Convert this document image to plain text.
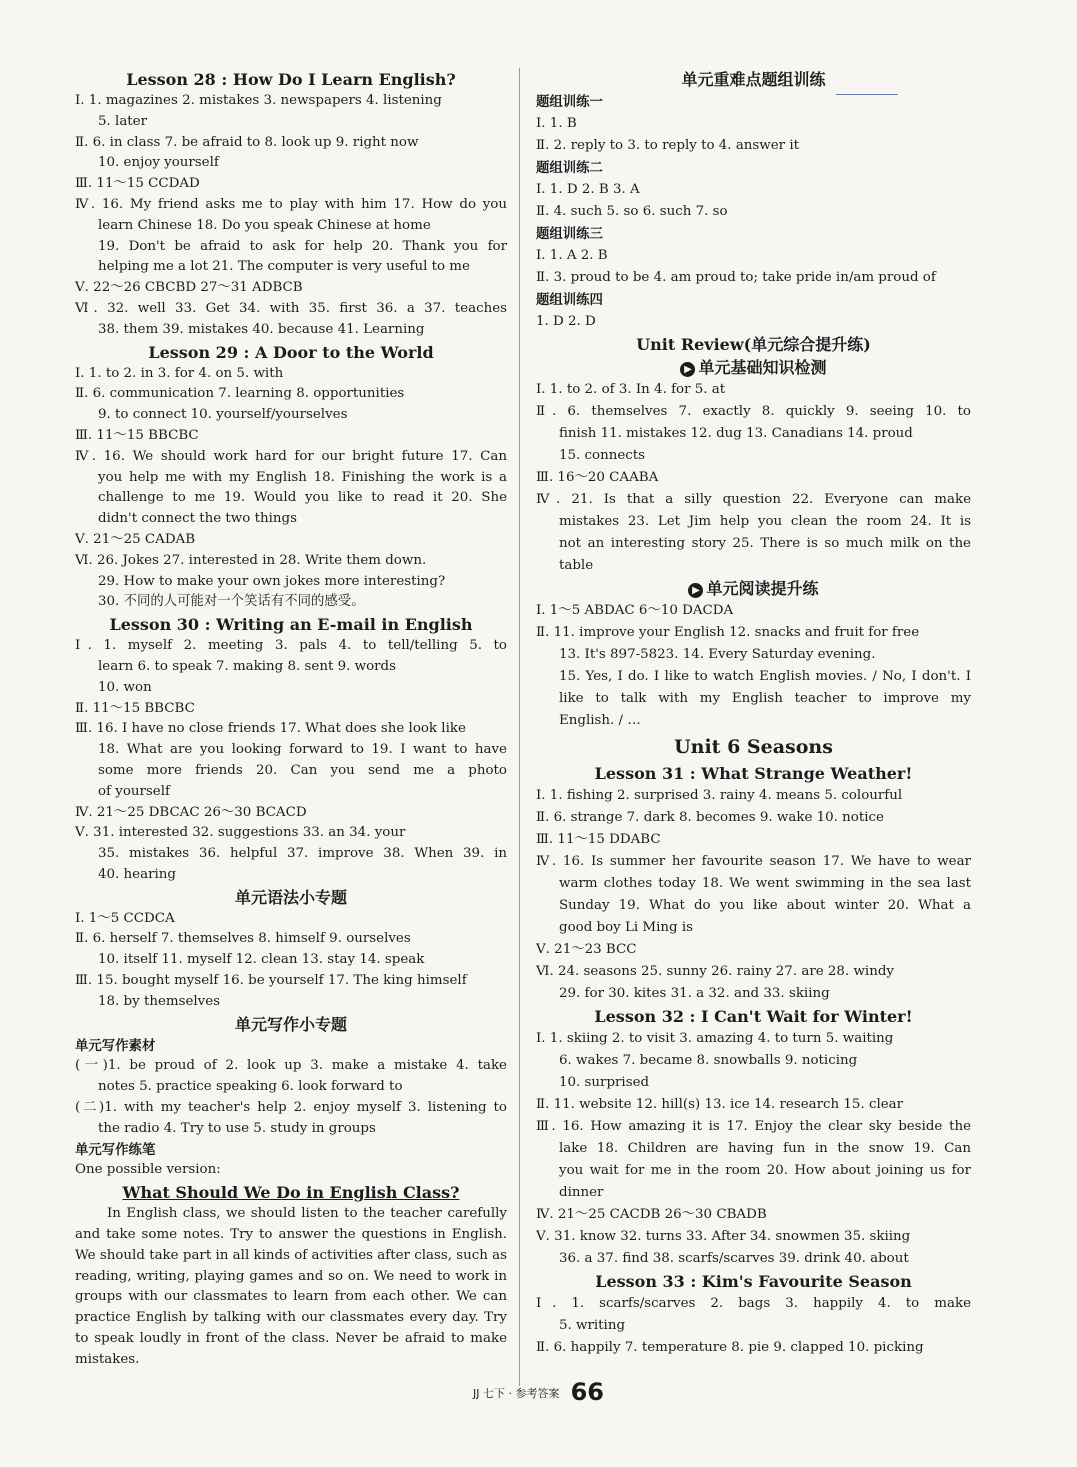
Lesson 28 : How Do I Learn English?
Ⅰ. 1. magazines 2. mistakes 3. newspapers 4. listening
5. later
Ⅱ. 6. in class 7. be afraid to 8. look up 9. right now
10. enjoy yourself
Ⅲ. 11～15 CCDAD
Ⅳ. 16. My friend asks me to play with him 17. How do you
learn Chinese 18. Do you speak Chinese at home
19. Don't be afraid to ask for help 20. Thank you for
helping me a lot 21. The computer is very useful to me
Ⅴ. 22～26 CBCBD 27～31 ADBCB
Ⅵ. 32. well 33. Get 34. with 35. first 36. a 37. teaches
38. them 39. mistakes 40. because 41. Learning
Lesson 29 : A Door to the World
Ⅰ. 1. to 2. in 3. for 4. on 5. with
Ⅱ. 6. communication 7. learning 8. opportunities
9. to connect 10. yourself/yourselves
Ⅲ. 11～15 BBCBC
Ⅳ. 16. We should work hard for our bright future 17. Can
you help me with my English 18. Finishing the work is a
challenge to me 19. Would you like to read it 20. She
didn't connect the two things
Ⅴ. 21～25 CADAB
Ⅵ. 26. Jokes 27. interested in 28. Write them down.
29. How to make your own jokes more interesting?
30. 不同的人可能对一个笑话有不同的感受。
Lesson 30 : Writing an E-mail in English
Ⅰ. 1. myself 2. meeting 3. pals 4. to tell/telling 5. to
learn 6. to speak 7. making 8. sent 9. words
10. won
Ⅱ. 11～15 BBCBC
Ⅲ. 16. I have no close friends 17. What does she look like
18. What are you looking forward to 19. I want to have
some more friends 20. Can you send me a photo
of yourself
Ⅳ. 21～25 DBCAC 26～30 BCACD
Ⅴ. 31. interested 32. suggestions 33. an 34. your
35. mistakes 36. helpful 37. improve 38. When 39. in
40. hearing
单元语法小专题
Ⅰ. 1～5 CCDCA
Ⅱ. 6. herself 7. themselves 8. himself 9. ourselves
10. itself 11. myself 12. clean 13. stay 14. speak
Ⅲ. 15. bought myself 16. be yourself 17. The king himself
18. by themselves
单元写作小专题
单元写作素材
(一)1. be proud of 2. look up 3. make a mistake 4. take
notes 5. practice speaking 6. look forward to
(二)1. with my teacher's help 2. enjoy myself 3. listening to
the radio 4. Try to use 5. study in groups
单元写作练笔
One possible version:
What Should We Do in English Class?
In English class, we should listen to the teacher carefully
and take some notes. Try to answer the questions in English.
We should take part in all kinds of activities after class, such as
reading, writing, playing games and so on. We need to work in
groups with our classmates to learn from each other. We can
practice English by talking with our classmates every day. Try
to speak loudly in front of the class. Never be afraid to make
mistakes.
单元重难点题组训练
题组训练一
Ⅰ. 1. B
Ⅱ. 2. reply to 3. to reply to 4. answer it
题组训练二
Ⅰ. 1. D 2. B 3. A
Ⅱ. 4. such 5. so 6. such 7. so
题组训练三
Ⅰ. 1. A 2. B
Ⅱ. 3. proud to be 4. am proud to; take pride in/am proud of
题组训练四
1. D 2. D
Unit Review(单元综合提升练)
▶ 单元基础知识检测
Ⅰ. 1. to 2. of 3. In 4. for 5. at
Ⅱ. 6. themselves 7. exactly 8. quickly 9. seeing 10. to
finish 11. mistakes 12. dug 13. Canadians 14. proud
15. connects
Ⅲ. 16～20 CAABA
Ⅳ. 21. Is that a silly question 22. Everyone can make
mistakes 23. Let Jim help you clean the room 24. It is
not an interesting story 25. There is so much milk on the
table
▶ 单元阅读提升练
Ⅰ. 1～5 ABDAC 6～10 DACDA
Ⅱ. 11. improve your English 12. snacks and fruit for free
13. It's 897-5823. 14. Every Saturday evening.
15. Yes, I do. I like to watch English movies. / No, I don't. I
like to talk with my English teacher to improve my
English. / …
Unit 6 Seasons
Lesson 31 : What Strange Weather!
Ⅰ. 1. fishing 2. surprised 3. rainy 4. means 5. colourful
Ⅱ. 6. strange 7. dark 8. becomes 9. wake 10. notice
Ⅲ. 11～15 DDABC
Ⅳ. 16. Is summer her favourite season 17. We have to wear
warm clothes today 18. We went swimming in the sea last
Sunday 19. What do you like about winter 20. What a
good boy Li Ming is
Ⅴ. 21～23 BCC
Ⅵ. 24. seasons 25. sunny 26. rainy 27. are 28. windy
29. for 30. kites 31. a 32. and 33. skiing
Lesson 32 : I Can't Wait for Winter!
Ⅰ. 1. skiing 2. to visit 3. amazing 4. to turn 5. waiting
6. wakes 7. became 8. snowballs 9. noticing
10. surprised
Ⅱ. 11. website 12. hill(s) 13. ice 14. research 15. clear
Ⅲ. 16. How amazing it is 17. Enjoy the clear sky beside the
lake 18. Children are having fun in the snow 19. Can
you wait for me in the room 20. How about joining us for
dinner
Ⅳ. 21～25 CACDB 26～30 CBADB
Ⅴ. 31. know 32. turns 33. After 34. snowmen 35. skiing
36. a 37. find 38. scarfs/scarves 39. drink 40. about
Lesson 33 : Kim's Favourite Season
Ⅰ. 1. scarfs/scarves 2. bags 3. happily 4. to make
5. writing
Ⅱ. 6. happily 7. temperature 8. pie 9. clapped 10. picking
JJ 七下 · 参考答案 66
